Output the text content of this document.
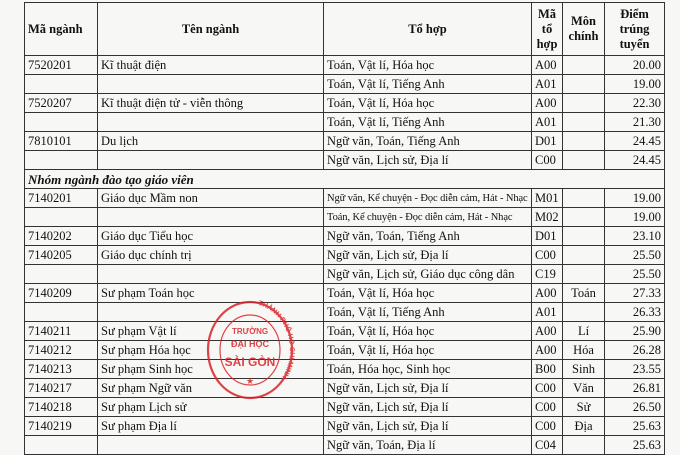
Mã ngành	Tên ngành	Tổ hợp	Mã tổ hợp	Môn chính	Điểm trúng tuyển
7520201	Kĩ thuật điện	Toán, Vật lí, Hóa học	A00		20.00
		Toán, Vật lí, Tiếng Anh	A01		19.00
7520207	Kĩ thuật điện tử - viễn thông	Toán, Vật lí, Hóa học	A00		22.30
		Toán, Vật lí, Tiếng Anh	A01		21.30
7810101	Du lịch	Ngữ văn, Toán, Tiếng Anh	D01		24.45
		Ngữ văn, Lịch sử, Địa lí	C00		24.45
Nhóm ngành đào tạo giáo viên					
7140201	Giáo dục Mầm non	Ngữ văn, Kể chuyện - Đọc diễn cảm, Hát - Nhạc	M01		19.00
		Toán, Kể chuyện - Đọc diễn cảm, Hát - Nhạc	M02		19.00
7140202	Giáo dục Tiểu học	Ngữ văn, Toán, Tiếng Anh	D01		23.10
7140205	Giáo dục chính trị	Ngữ văn, Lịch sử, Địa lí	C00		25.50
		Ngữ văn, Lịch sử, Giáo dục công dân	C19		25.50
7140209	Sư phạm Toán học	Toán, Vật lí, Hóa học	A00	Toán	27.33
		Toán, Vật lí, Tiếng Anh	A01		26.33
7140211	Sư phạm Vật lí	Toán, Vật lí, Hóa học	A00	Lí	25.90
7140212	Sư phạm Hóa học	Toán, Vật lí, Hóa học	A00	Hóa	26.28
7140213	Sư phạm Sinh học	Toán, Hóa học, Sinh học	B00	Sinh	23.55
7140217	Sư phạm Ngữ văn	Ngữ văn, Lịch sử, Địa lí	C00	Văn	26.81
7140218	Sư phạm Lịch sử	Ngữ văn, Lịch sử, Địa lí	C00	Sử	26.50
7140219	Sư phạm Địa lí	Ngữ văn, Lịch sử, Địa lí	C00	Địa	25.63
		Ngữ văn, Toán, Địa lí	C04		25.63
THÀNH PHỐ HỒ CHÍ MINH
TRƯỜNG
ĐẠI HỌC
SÀI GÒN
★
